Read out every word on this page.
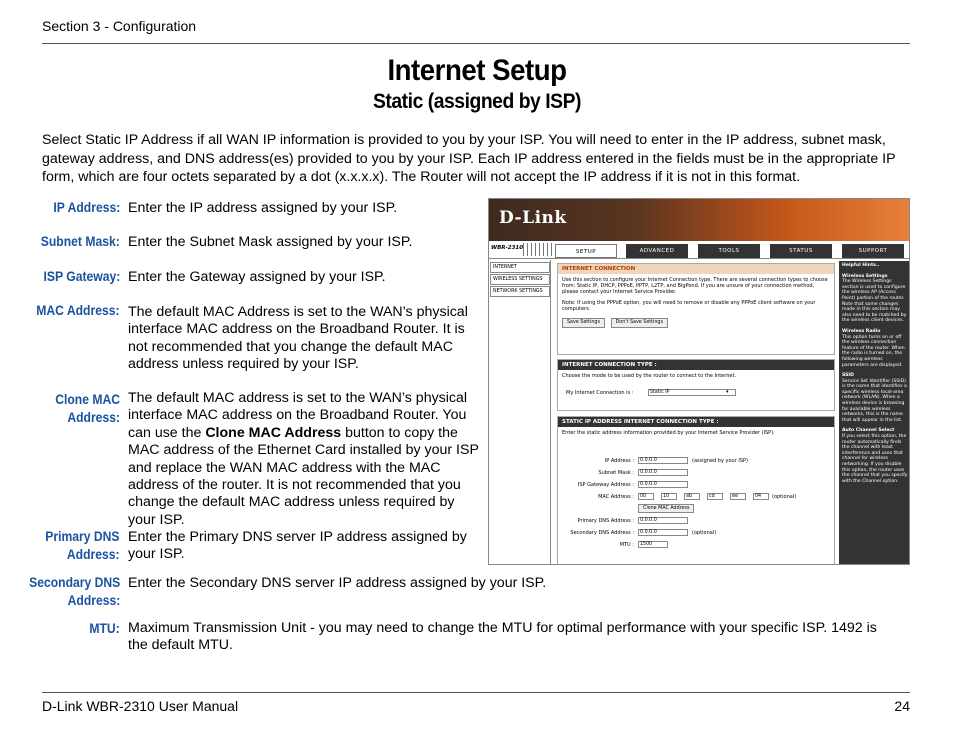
Section 3 - Configuration
Internet Setup
Static (assigned by ISP)

Select Static IP Address if all WAN IP information is provided to you by your ISP. You will need to enter in the IP address, subnet mask, gateway address, and DNS address(es) provided to you by your ISP. Each IP address entered in the fields must be in the appropriate IP form, which are four octets separated by a dot (x.x.x.x). The Router will not accept the IP address if it is not in this format.

IP Address: Enter the IP address assigned by your ISP.
Subnet Mask: Enter the Subnet Mask assigned by your ISP.
ISP Gateway: Enter the Gateway assigned by your ISP.
MAC Address: The default MAC Address is set to the WAN’s physical interface MAC address on the Broadband Router. It is not recommended that you change the default MAC address unless required by your ISP.
Clone MAC
Address:
The default MAC address is set to the WAN’s physical interface MAC address on the Broadband Router. You can use the Clone MAC Address button to copy the MAC address of the Ethernet Card installed by your ISP and replace the WAN MAC address with the MAC address of the router. It is not recommended that you change the default MAC address unless required by your ISP.
Primary DNS
Address:
Enter the Primary DNS server IP address assigned by your ISP.
Secondary DNS
Address:
Enter the Secondary DNS server IP address assigned by your ISP.
MTU: Maximum Transmission Unit - you may need to change the MTU for optimal performance with your specific ISP. 1492 is the default MTU.
D-Link
WBR-2310
SETUP	ADVANCED	TOOLS	STATUS	SUPPORT
INTERNET
WIRELESS SETTINGS
NETWORK SETTINGS
INTERNET CONNECTION
Use this section to configure your Internet Connection type. There are several connection types to choose from: Static IP, DHCP, PPPoE, PPTP, L2TP, and BigPond. If you are unsure of your connection method, please contact your Internet Service Provider.
Note: If using the PPPoE option, you will need to remove or disable any PPPoE client software on your computers.
Save Settings	Don't Save Settings
INTERNET CONNECTION TYPE :
Choose the mode to be used by the router to connect to the Internet.
My Internet Connection is :	Static IP	▾
STATIC IP ADDRESS INTERNET CONNECTION TYPE :
Enter the static address information provided by your Internet Service Provider (ISP).
IP Address :	0.0.0.0	(assigned by your ISP)
Subnet Mask :	0.0.0.0
ISP Gateway Address :	0.0.0.0
MAC Address :	00	10	ab	cd	ee	04	(optional)
Clone MAC Address
Primary DNS Address :	0.0.0.0
Secondary DNS Address :	0.0.0.0	(optional)
MTU :	1500
Helpful Hints..
Wireless Settings
The Wireless Settings section is used to configure the wireless AP (Access Point) portion of the router. Note that some changes made in this section may also need to be matched by the wireless client devices.
Wireless Radio
This option turns on or off the wireless connection feature of the router. When the radio is turned on, the following wireless parameters are displayed.
SSID
Service Set Identifier (SSID) is the name that identifies a specific wireless local-area network (WLAN). When a wireless device is browsing for available wireless networks, this is the name that will appear in the list.
Auto Channel Select
If you select this option, the router automatically finds the channel with least interference and uses that channel for wireless networking. If you disable this option, the router uses the channel that you specify with the Channel option.
D-Link WBR-2310 User Manual	24
